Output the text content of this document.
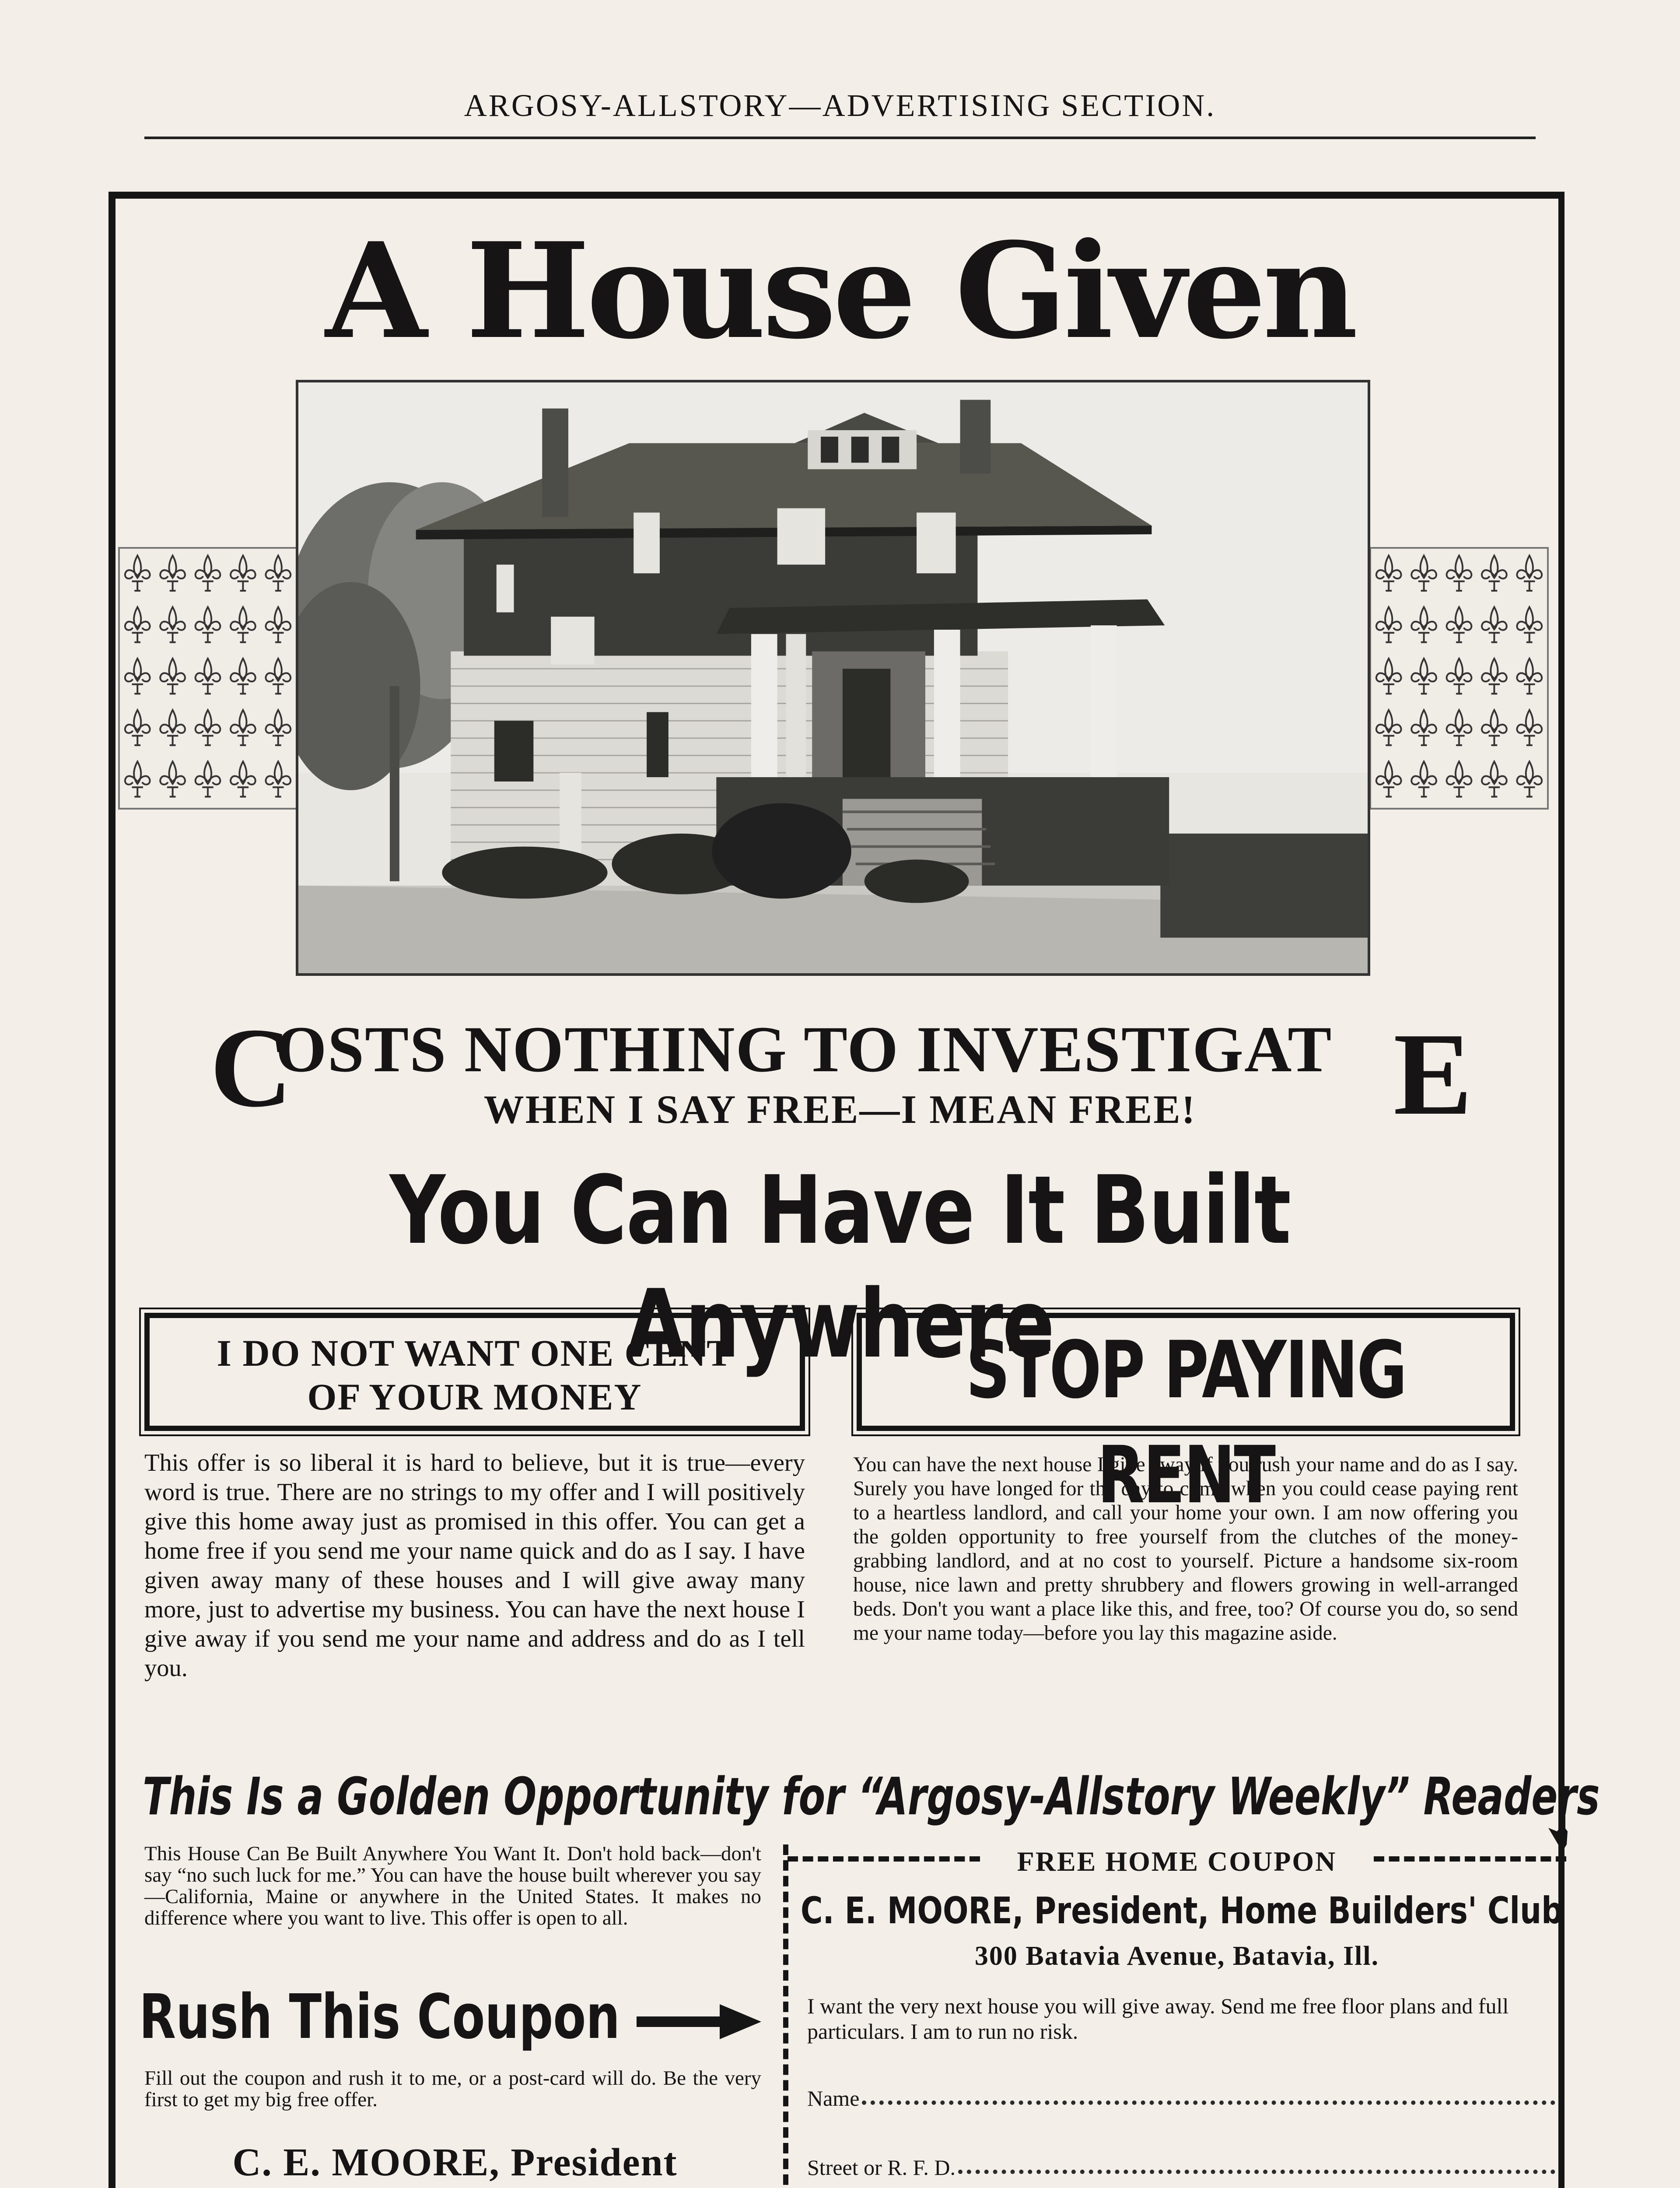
ARGOSY-ALLSTORY—ADVERTISING SECTION.
A House Given
C
OSTS NOTHING TO INVESTIGAT E
WHEN I SAY FREE—I MEAN FREE!
You Can Have It Built Anywhere
I DO NOT WANT ONE CENT
OF YOUR MONEY	STOP PAYING RENT
This offer is so liberal it is hard to believe, but it is true—every word is true. There are no strings to my offer and I will positively give this home away just as promised in this offer. You can get a home free if you send me your name quick and do as I say. I have given away many of these houses and I will give away many more, just to advertise my business. You can have the next house I give away if you send me your name and address and do as I tell you.
You can have the next house I give away if you rush your name and do as I say. Surely you have longed for the day to come when you could cease paying rent to a heartless landlord, and call your home your own. I am now offering you the golden opportunity to free yourself from the clutches of the money-grabbing landlord, and at no cost to yourself. Picture a handsome six-room house, nice lawn and pretty shrubbery and flowers growing in well-arranged beds. Don't you want a place like this, and free, too? Of course you do, so send me your name today—before you lay this magazine aside.
This Is a Golden Opportunity for “Argosy-Allstory Weekly” Readers
This House Can Be Built Anywhere You Want It. Don't hold back—don't say “no such luck for me.” You can have the house built wherever you say—California, Maine or anywhere in the United States. It makes no difference where you want to live. This offer is open to all.
Rush This Coupon
Fill out the coupon and rush it to me, or a post-card will do. Be the very first to get my big free offer.
C. E. MOORE, President
FREE HOME COUPON
C. E. MOORE, President, Home Builders' Club
300 Batavia Avenue, Batavia, Ill.
I want the very next house you will give away. Send me free floor plans and full particulars. I am to run no risk.
Name
Street or R. F. D.
